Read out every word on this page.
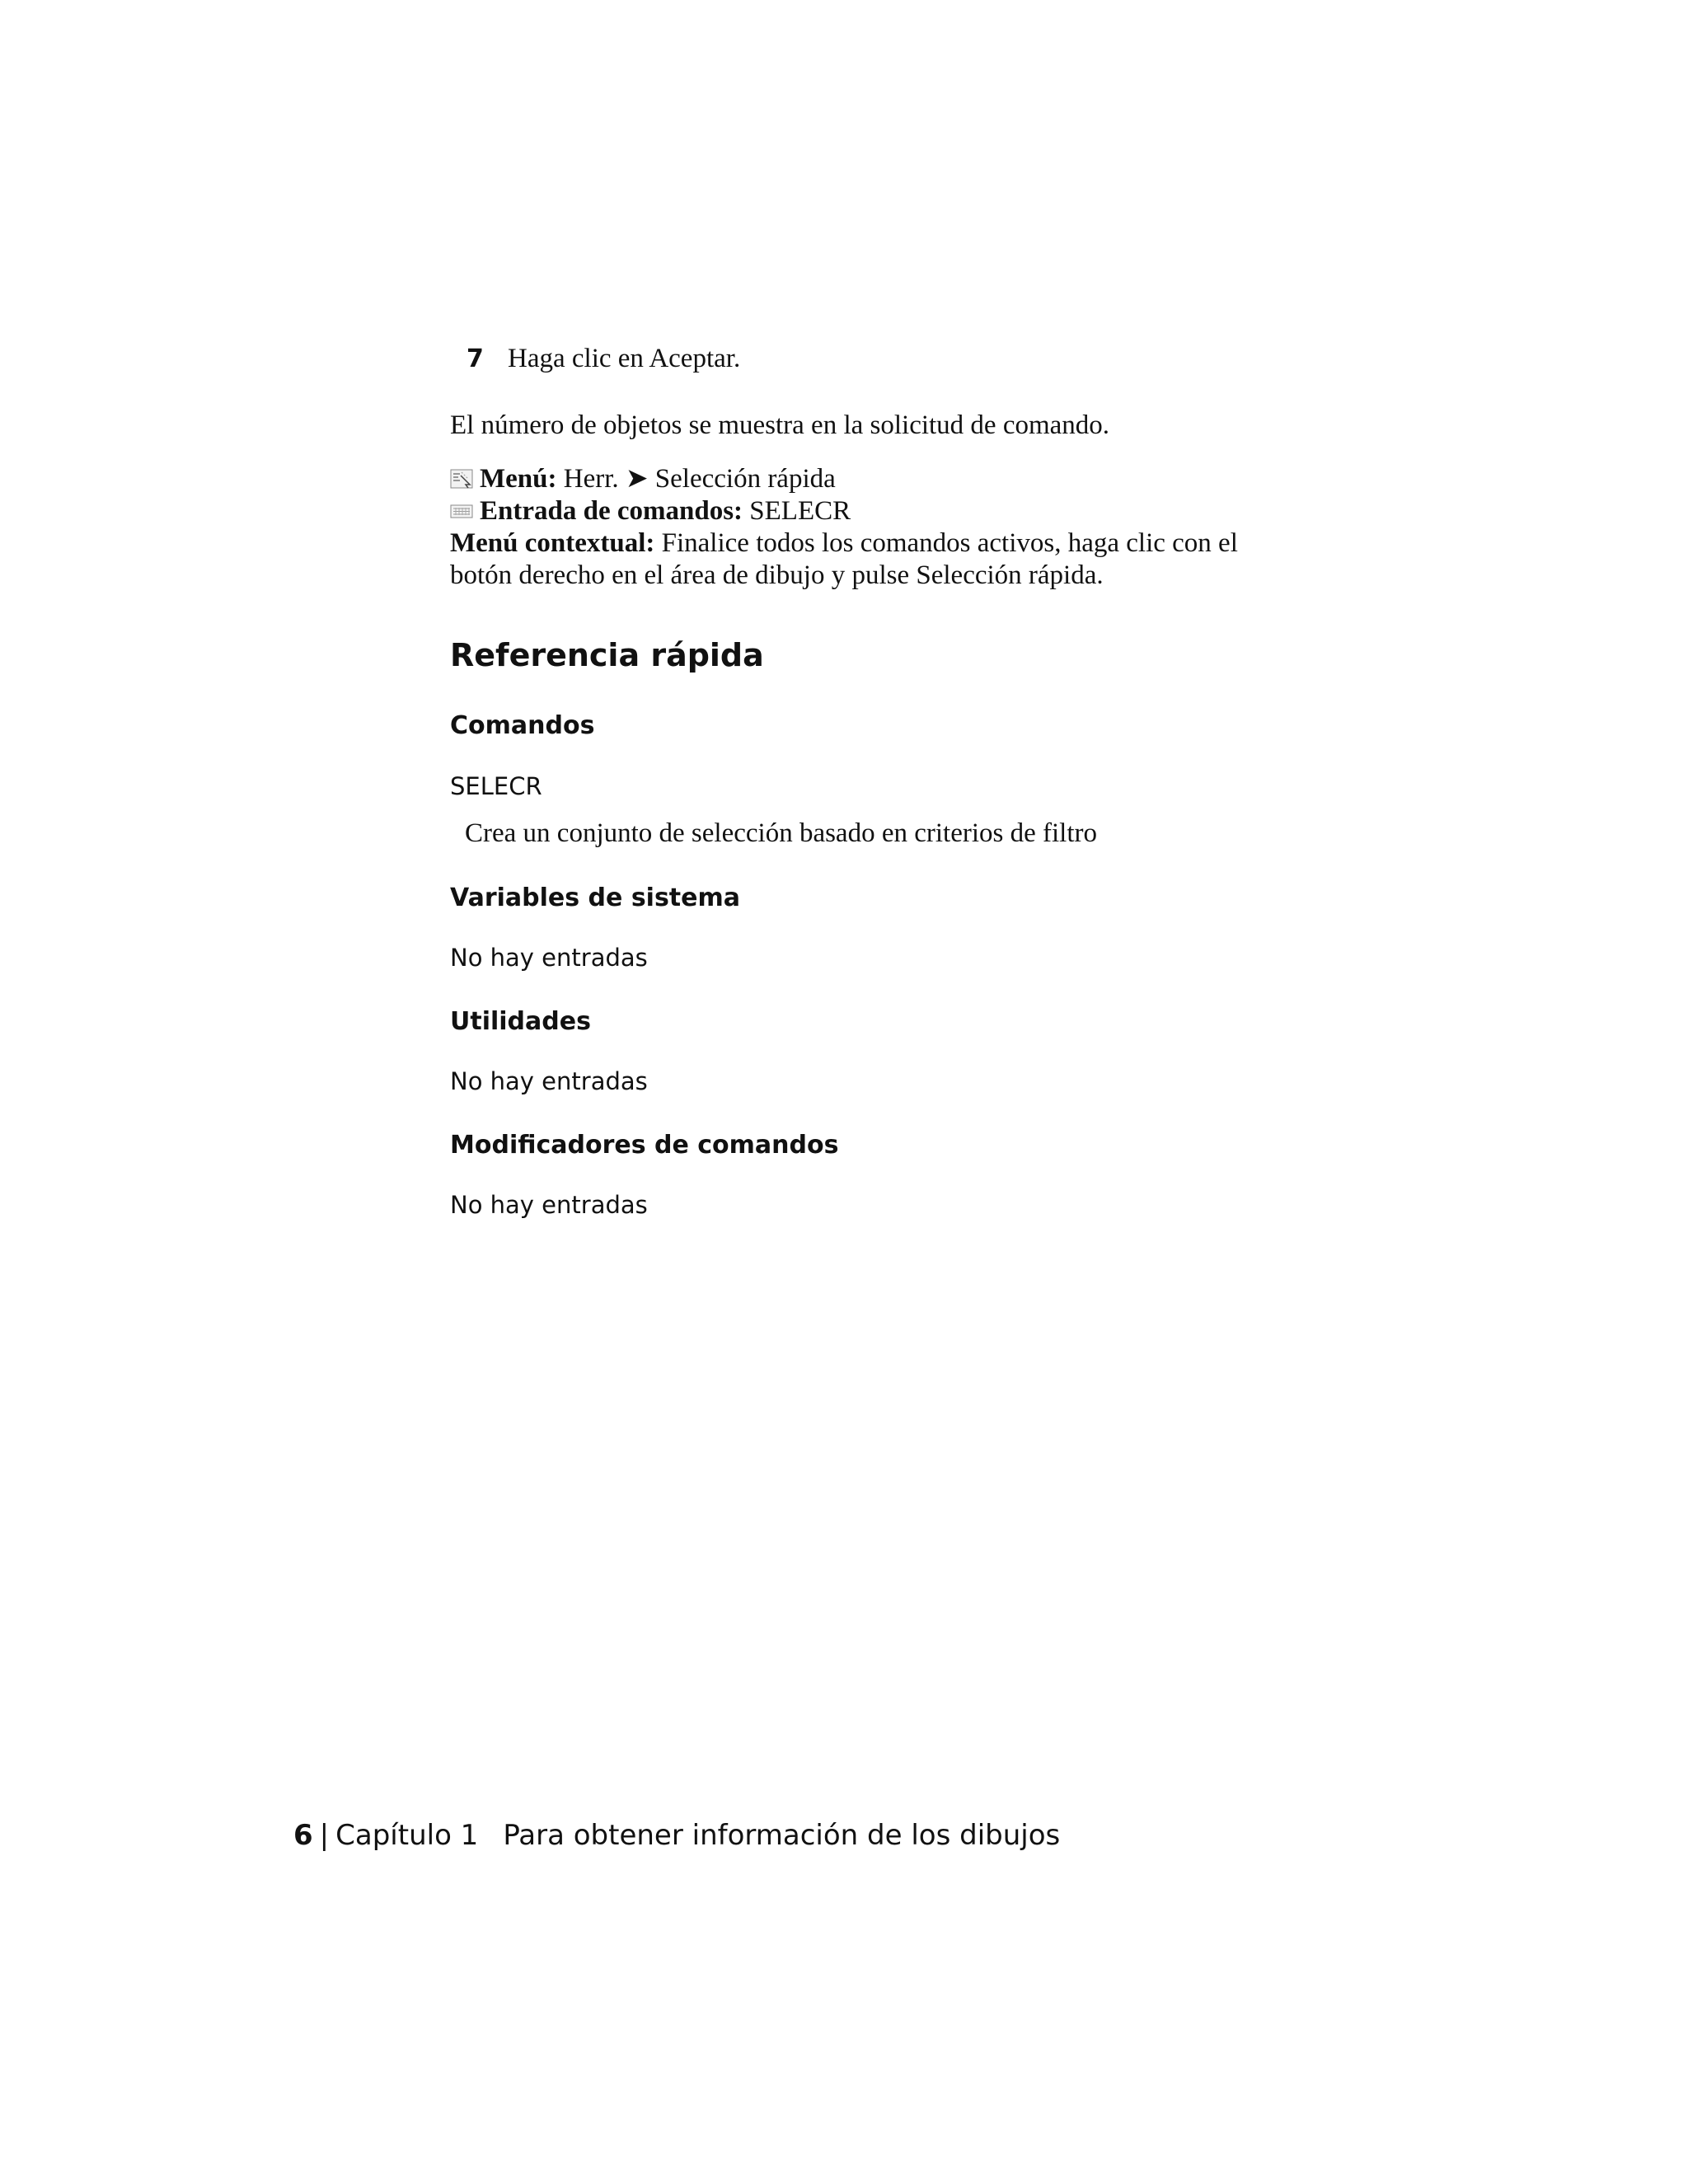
7 Haga clic en Aceptar.
El número de objetos se muestra en la solicitud de comando.
Menú: Herr. ➤ Selección rápida
Entrada de comandos: SELECR
Menú contextual: Finalice todos los comandos activos, haga clic con el
botón derecho en el área de dibujo y pulse Selección rápida.
Referencia rápida
Comandos
SELECR
Crea un conjunto de selección basado en criterios de filtro
Variables de sistema
No hay entradas
Utilidades
No hay entradas
Modificadores de comandos
No hay entradas
6 | Capítulo 1 Para obtener información de los dibujos
